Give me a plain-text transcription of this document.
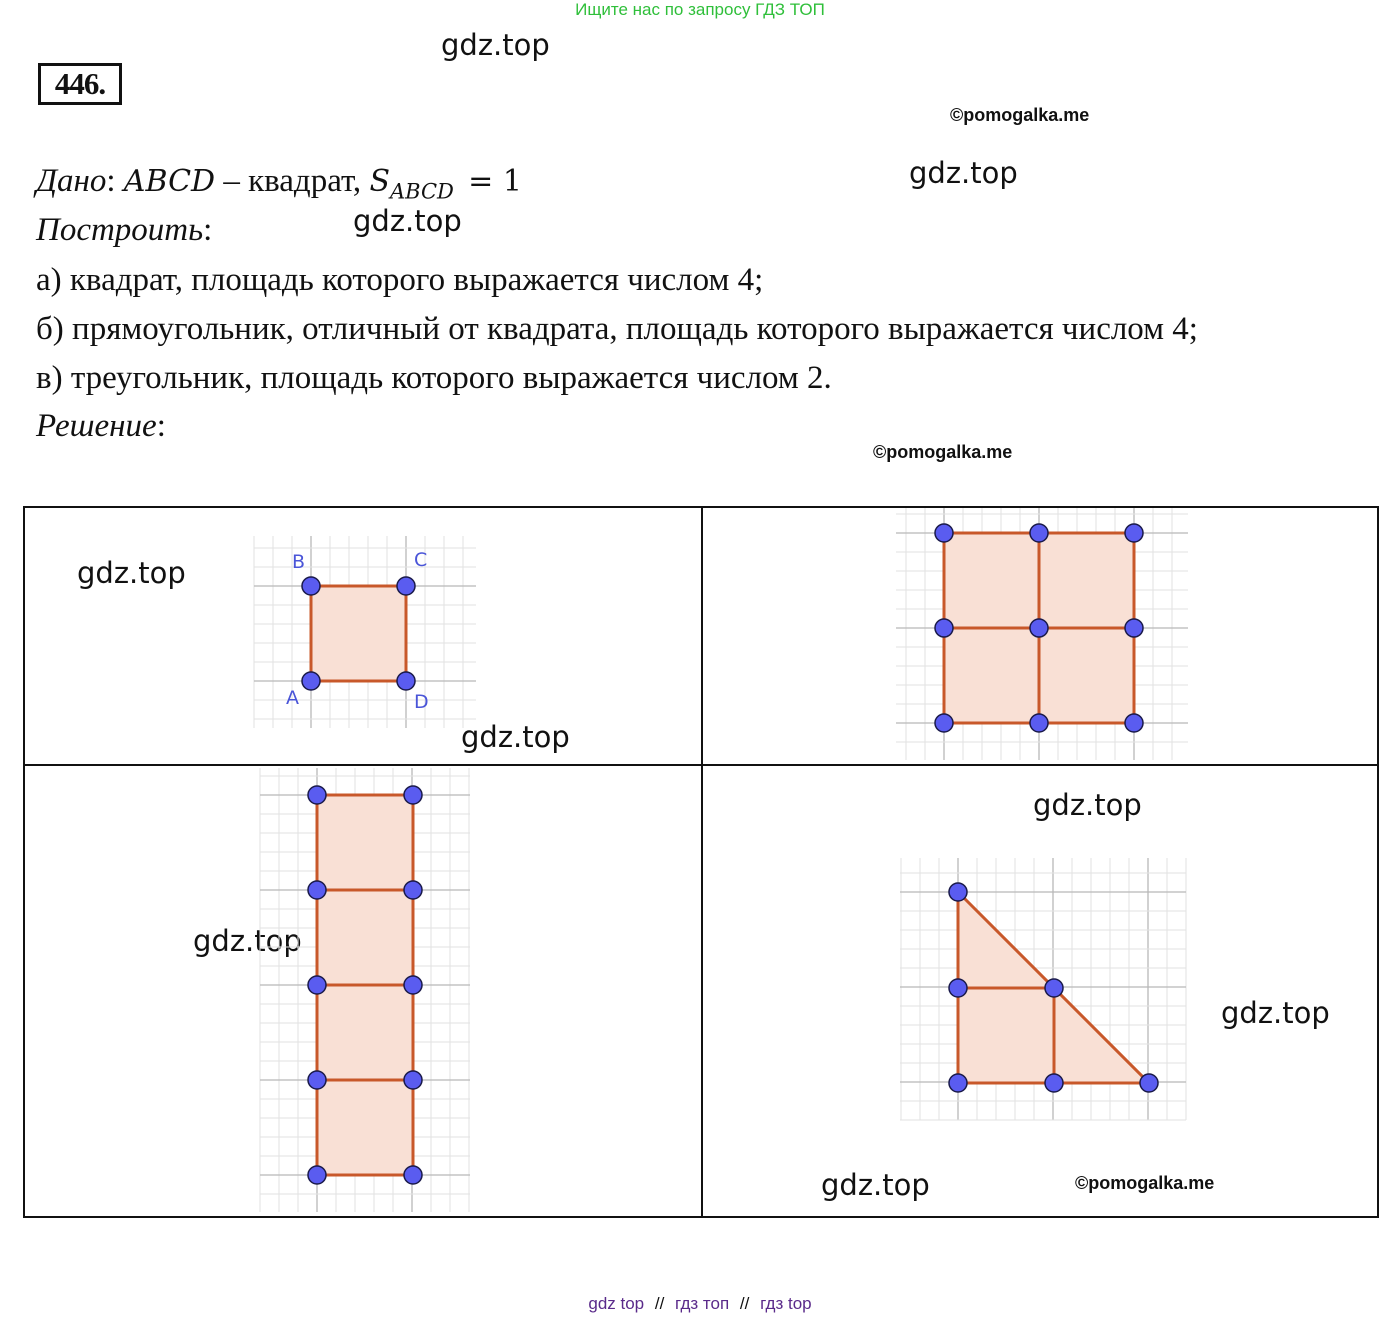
Ищите нас по запросу ГДЗ ТОП
gdz.top
gdz.top
gdz.top
©pomogalka.me
©pomogalka.me
446.
Дано: ABCD – квадрат, $S_{ABCD} = 1$
Построить:
а) квадрат, площадь которого выражается числом 4;
б) прямоугольник, отличный от квадрата, площадь которого выражается числом 4;
в) треугольник, площадь которого выражается числом 2.
Решение:
gdz.top
gdz.top
gdz.top
gdz.top
gdz.top
gdz.top	©pomogalka.me
B	C
A	D
gdz top // гдз топ // гдз top
